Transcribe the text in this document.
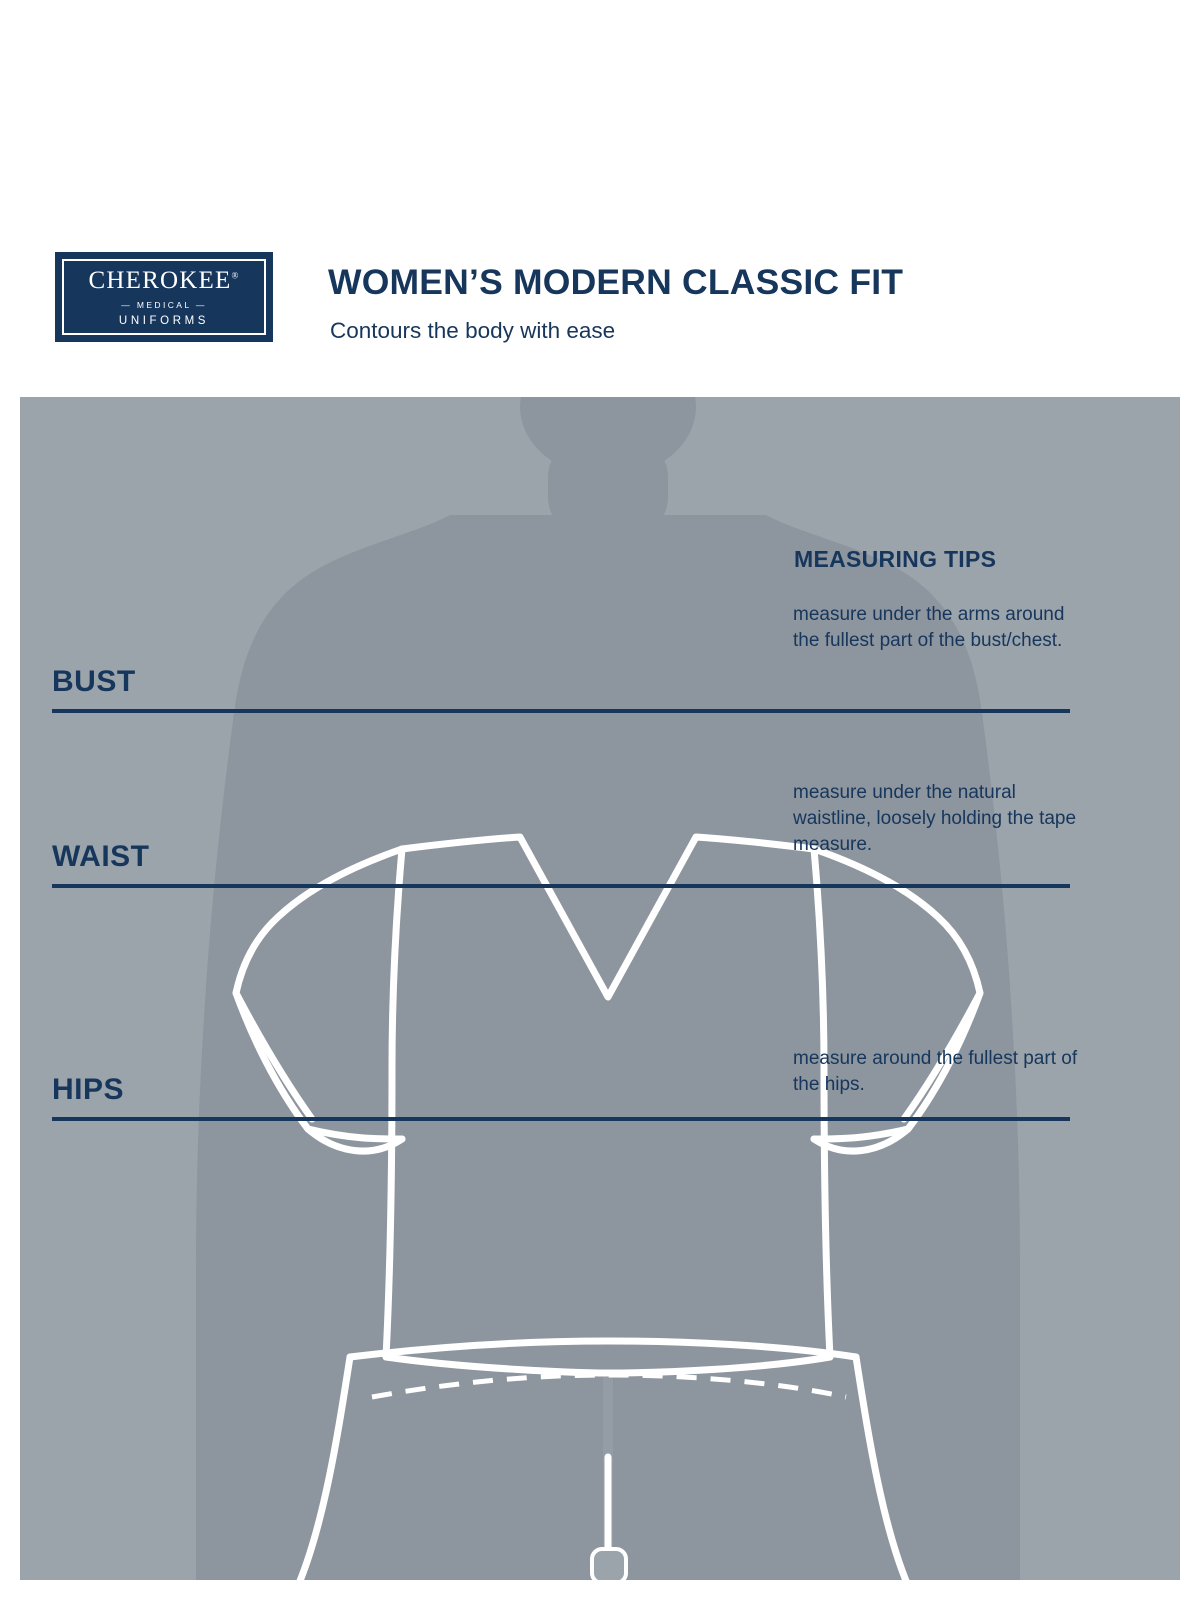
CHEROKEE®
— MEDICAL —
UNIFORMS
WOMEN’S MODERN CLASSIC FIT
Contours the body with ease
BUST
WAIST
HIPS
MEASURING TIPS
measure under the arms around the fullest part of the bust/chest.
measure under the natural waistline, loosely holding the tape measure.
measure around the fullest part of the hips.
